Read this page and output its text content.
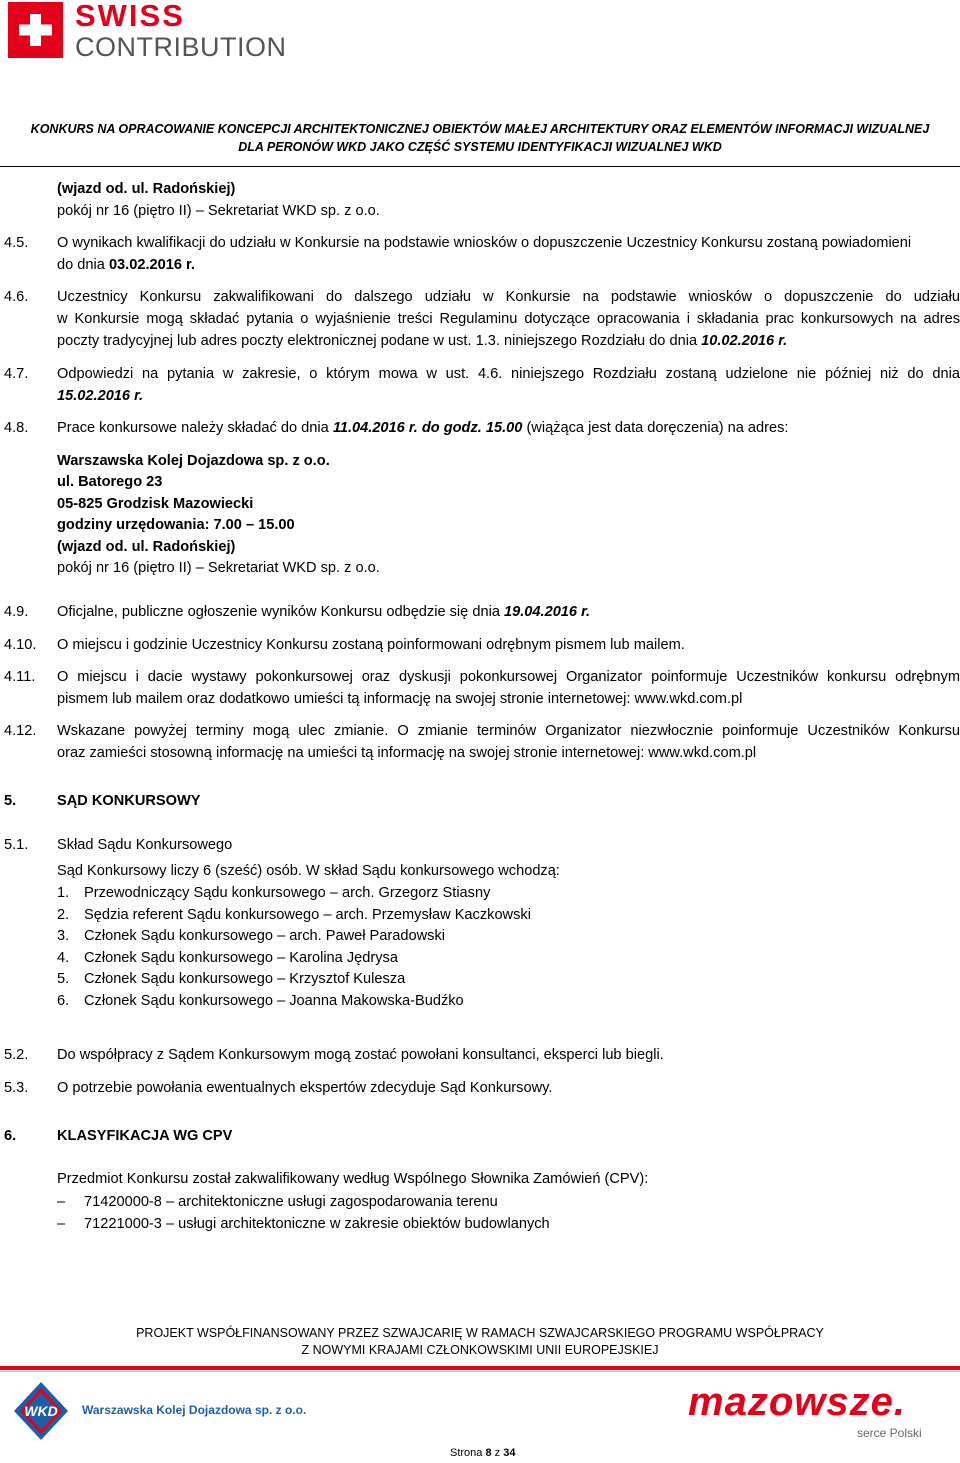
SWISS
CONTRIBUTION
KONKURS NA OPRACOWANIE KONCEPCJI ARCHITEKTONICZNEJ OBIEKTÓW MAŁEJ ARCHITEKTURY ORAZ ELEMENTÓW INFORMACJI WIZUALNEJ
DLA PERONÓW WKD JAKO CZĘŚĆ SYSTEMU IDENTYFIKACJI WIZUALNEJ WKD
(wjazd od. ul. Radońskiej)
pokój nr 16 (piętro II) – Sekretariat WKD sp. z o.o.
4.5. O wynikach kwalifikacji do udziału w Konkursie na podstawie wniosków o dopuszczenie Uczestnicy Konkursu zostaną powiadomieni
do dnia 03.02.2016 r.
4.6. Uczestnicy Konkursu zakwalifikowani do dalszego udziału w Konkursie na podstawie wniosków o dopuszczenie do udziału
w Konkursie mogą składać pytania o wyjaśnienie treści Regulaminu dotyczące opracowania i składania prac konkursowych na adres
poczty tradycyjnej lub adres poczty elektronicznej podane w ust. 1.3. niniejszego Rozdziału do dnia 10.02.2016 r.
4.7. Odpowiedzi na pytania w zakresie, o którym mowa w ust. 4.6. niniejszego Rozdziału zostaną udzielone nie później niż do dnia
15.02.2016 r.
4.8. Prace konkursowe należy składać do dnia 11.04.2016 r. do godz. 15.00 (wiążąca jest data doręczenia) na adres:
Warszawska Kolej Dojazdowa sp. z o.o.
ul. Batorego 23
05-825 Grodzisk Mazowiecki
godziny urzędowania: 7.00 – 15.00
(wjazd od. ul. Radońskiej)
pokój nr 16 (piętro II) – Sekretariat WKD sp. z o.o.
4.9. Oficjalne, publiczne ogłoszenie wyników Konkursu odbędzie się dnia 19.04.2016 r.
4.10. O miejscu i godzinie Uczestnicy Konkursu zostaną poinformowani odrębnym pismem lub mailem.
4.11. O miejscu i dacie wystawy pokonkursowej oraz dyskusji pokonkursowej Organizator poinformuje Uczestników konkursu odrębnym
pismem lub mailem oraz dodatkowo umieści tą informację na swojej stronie internetowej: www.wkd.com.pl
4.12. Wskazane powyżej terminy mogą ulec zmianie. O zmianie terminów Organizator niezwłocznie poinformuje Uczestników Konkursu
oraz zamieści stosowną informację na umieści tą informację na swojej stronie internetowej: www.wkd.com.pl
5.	SĄD KONKURSOWY
5.1. Skład Sądu Konkursowego
Sąd Konkursowy liczy 6 (sześć) osób. W skład Sądu konkursowego wchodzą:
1. Przewodniczący Sądu konkursowego – arch. Grzegorz Stiasny
2. Sędzia referent Sądu konkursowego – arch. Przemysław Kaczkowski
3. Członek Sądu konkursowego – arch. Paweł Paradowski
4. Członek Sądu konkursowego – Karolina Jędrysa
5. Członek Sądu konkursowego – Krzysztof Kulesza
6. Członek Sądu konkursowego – Joanna Makowska-Budźko
5.2. Do współpracy z Sądem Konkursowym mogą zostać powołani konsultanci, eksperci lub biegli.
5.3. O potrzebie powołania ewentualnych ekspertów zdecyduje Sąd Konkursowy.
6.	KLASYFIKACJA WG CPV
Przedmiot Konkursu został zakwalifikowany według Wspólnego Słownika Zamówień (CPV):
– 71420000-8 – architektoniczne usługi zagospodarowania terenu
– 71221000-3 – usługi architektoniczne w zakresie obiektów budowlanych
PROJEKT WSPÓŁFINANSOWANY PRZEZ SZWAJCARIĘ W RAMACH SZWAJCARSKIEGO PROGRAMU WSPÓŁPRACY
Z NOWYMI KRAJAMI CZŁONKOWSKIMI UNII EUROPEJSKIEJ
WKD	Warszawska Kolej Dojazdowa sp. z o.o.	mazowsze.
serce Polski
Strona 8 z 34
